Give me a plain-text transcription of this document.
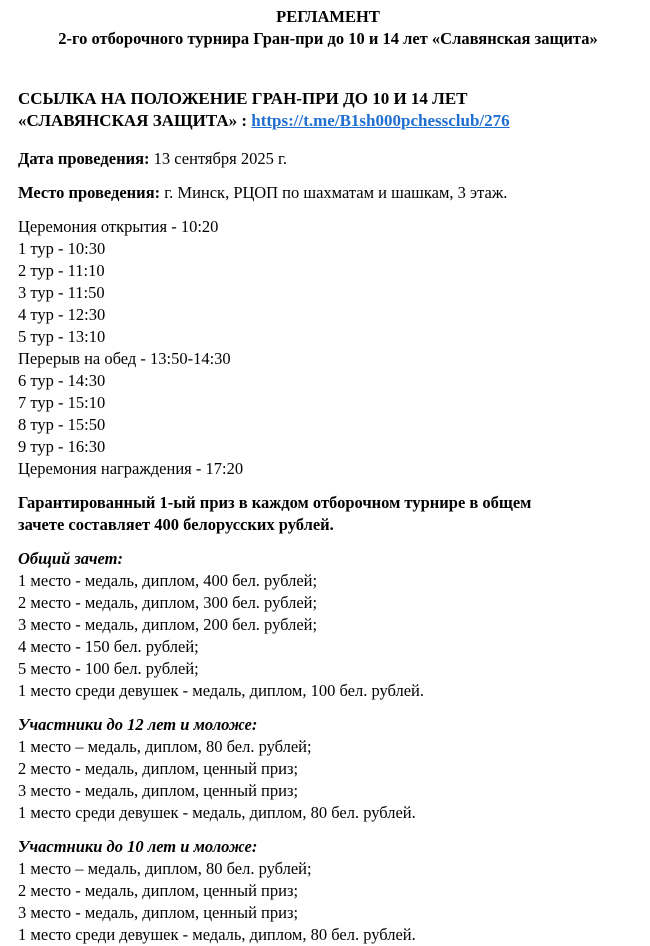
РЕГЛАМЕНТ

2-го отборочного турнира Гран-при до 10 и 14 лет «Славянская защита»

ССЫЛКА НА ПОЛОЖЕНИЕ ГРАН-ПРИ ДО 10 И 14 ЛЕТ
«СЛАВЯНСКАЯ ЗАЩИТА» : https://t.me/B1sh000pchessclub/276

Дата проведения: 13 сентября 2025 г.

Место проведения: г. Минск, РЦОП по шахматам и шашкам, 3 этаж.

Церемония открытия - 10:20

1 тур - 10:30

2 тур - 11:10

3 тур - 11:50

4 тур - 12:30

5 тур - 13:10

Перерыв на обед - 13:50-14:30

6 тур - 14:30

7 тур - 15:10

8 тур - 15:50

9 тур - 16:30

Церемония награждения - 17:20

Гарантированный 1-ый приз в каждом отборочном турнире в общем

зачете составляет 400 белорусских рублей.

Общий зачет:

1 место - медаль, диплом, 400 бел. рублей;

2 место - медаль, диплом, 300 бел. рублей;

3 место - медаль, диплом, 200 бел. рублей;

4 место - 150 бел. рублей;

5 место - 100 бел. рублей;

1 место среди девушек - медаль, диплом, 100 бел. рублей.

Участники до 12 лет и моложе:

1 место – медаль, диплом, 80 бел. рублей;

2 место - медаль, диплом, ценный приз;

3 место - медаль, диплом, ценный приз;

1 место среди девушек - медаль, диплом, 80 бел. рублей.

Участники до 10 лет и моложе:

1 место – медаль, диплом, 80 бел. рублей;

2 место - медаль, диплом, ценный приз;

3 место - медаль, диплом, ценный приз;

1 место среди девушек - медаль, диплом, 80 бел. рублей.
